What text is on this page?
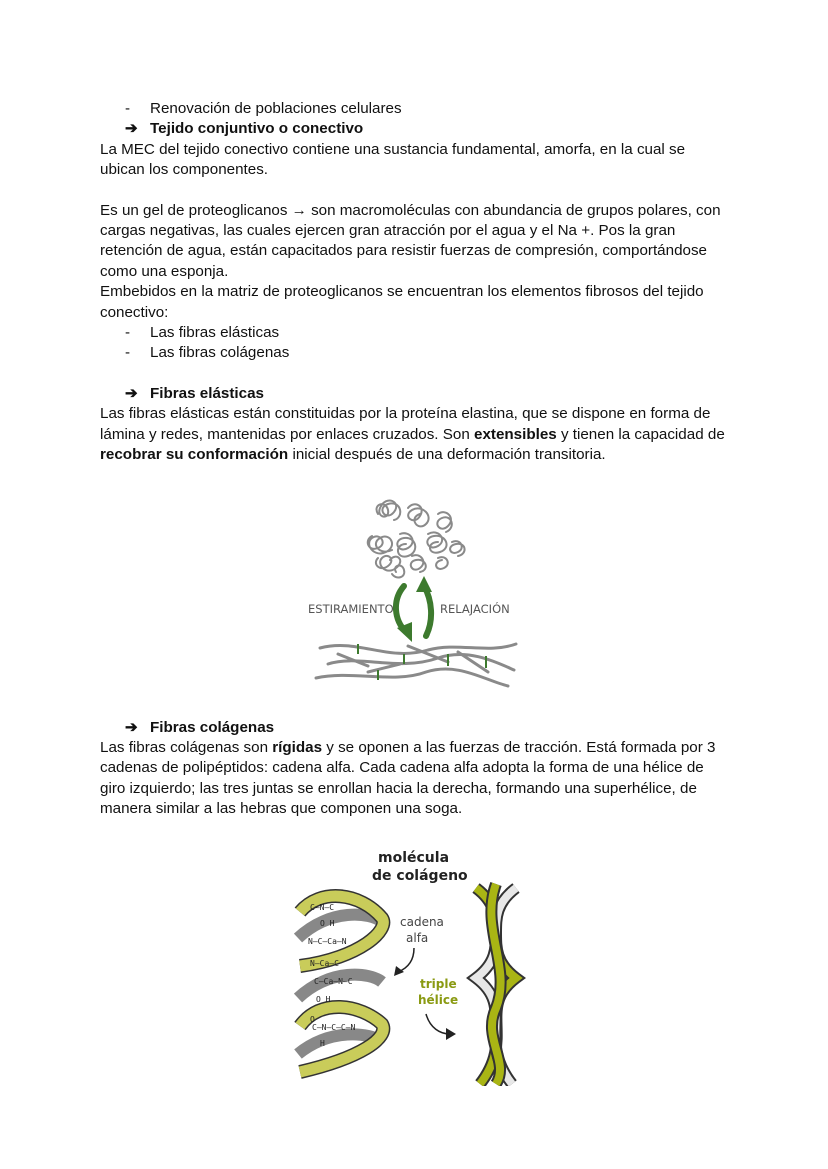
- Renovación de poblaciones celulares

➔ Tejido conjuntivo o conectivo

La MEC del tejido conectivo contiene una sustancia fundamental, amorfa, en la cual se ubican los componentes.

Es un gel de proteoglicanos → son macromoléculas con abundancia de grupos polares, con cargas negativas, las cuales ejercen gran atracción por el agua y el Na +. Pos la gran retención de agua, están capacitados para resistir fuerzas de compresión, comportándose como una esponja.

Embebidos en la matriz de proteoglicanos se encuentran los elementos fibrosos del tejido conectivo:

- Las fibras elásticas

- Las fibras colágenas

➔ Fibras elásticas

Las fibras elásticas están constituidas por la proteína elastina, que se dispone en forma de lámina y redes, mantenidas por enlaces cruzados. Son extensibles y tienen la capacidad de recobrar su conformación inicial después de una deformación transitoria.

ESTIRAMIENTO	RELAJACIÓN

➔ Fibras colágenas

Las fibras colágenas son rígidas y se oponen a las fuerzas de tracción. Está formada por 3 cadenas de polipéptidos: cadena alfa. Cada cadena alfa adopta la forma de una hélice de giro izquierdo; las tres juntas se enrollan hacia la derecha, formando una superhélice, de manera similar a las hebras que componen una soga.

molécula
de colágeno
C—N—C
O H
N—C—Ca—N
N—Ca—C
C—Ca—N—C
O H
O
C—N—C—C—N
H
cadena
alfa
triple
hélice
